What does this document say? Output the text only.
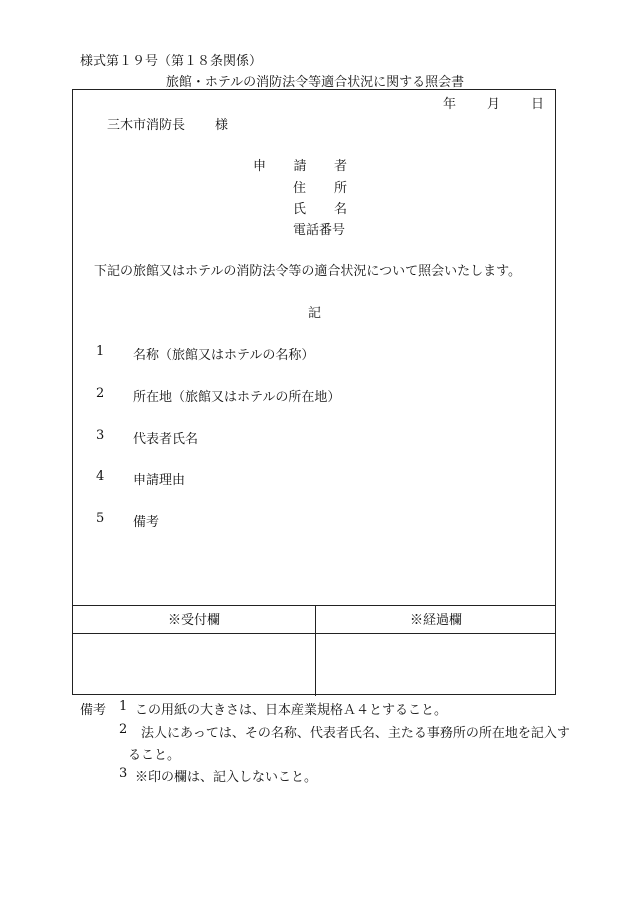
様式第１９号（第１８条関係）
旅館・ホテルの消防法令等適合状況に関する照会書
年 月 日
三木市消防長 様
申 請 者
住 所
氏 名
電話番号
下記の旅館又はホテルの消防法令等の適合状況について照会いたします。
記
1 名称（旅館又はホテルの名称）
2 所在地（旅館又はホテルの所在地）
3 代表者氏名
4 申請理由
5 備考
※受付欄	※経過欄
備考 1 この用紙の大きさは、日本産業規格Ａ４とすること。
2 法人にあっては、その名称、代表者氏名、主たる事務所の所在地を記入す
ること。
3 ※印の欄は、記入しないこと。
